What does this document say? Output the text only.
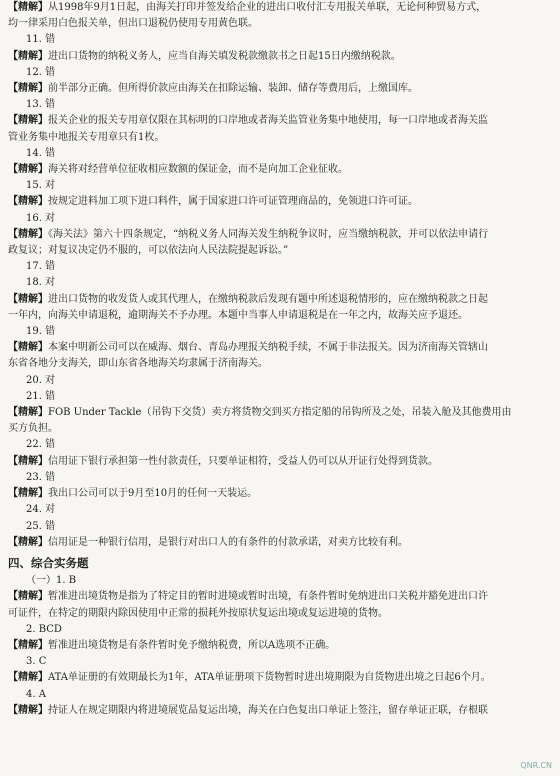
【精解】从1998年9月1日起，由海关打印并签发给企业的进出口收付汇专用报关单联，无论何种贸易方式，
均一律采用白色报关单，但出口退税仍使用专用黄色联。
11. 错
【精解】进出口货物的纳税义务人，应当自海关填发税款缴款书之日起15日内缴纳税款。
12. 错
【精解】前半部分正确。但所得价款应由海关在扣除运输、装卸、储存等费用后，上缴国库。
13. 错
【精解】报关企业的报关专用章仅限在其标明的口岸地或者海关监管业务集中地使用，每一口岸地或者海关监
管业务集中地报关专用章只有1枚。
14. 错
【精解】海关将对经营单位征收相应数额的保证金，而不是向加工企业征收。
15. 对
【精解】按规定进料加工项下进口料件，属于国家进口许可证管理商品的，免领进口许可证。
16. 对
【精解】《海关法》第六十四条规定，“纳税义务人同海关发生纳税争议时，应当缴纳税款，并可以依法申请行
政复议；对复议决定仍不服的，可以依法向人民法院提起诉讼。”
17. 错
18. 对
【精解】进出口货物的收发货人或其代理人，在缴纳税款后发现有题中所述退税情形的，应在缴纳税款之日起
一年内，向海关申请退税，逾期海关不予办理。本题中当事人申请退税是在一年之内，故海关应予退还。
19. 错
【精解】本案中明新公司可以在威海、烟台、青岛办理报关纳税手续，不属于非法报关。因为济南海关管辖山
东省各地分支海关，即山东省各地海关均隶属于济南海关。
20. 对
21. 错
【精解】FOB Under Tackle（吊钩下交货）卖方将货物交到买方指定船的吊钩所及之处，吊装入舱及其他费用由
买方负担。
22. 错
【精解】信用证下银行承担第一性付款责任，只要单证相符，受益人仍可以从开证行处得到货款。
23. 错
【精解】我出口公司可以于9月至10月的任何一天装运。
24. 对
25. 错
【精解】信用证是一种银行信用，是银行对出口人的有条件的付款承诺，对卖方比较有利。
四、综合实务题
（一）1. B
【精解】暂准进出境货物是指为了特定目的暂时进境或暂时出境，有条件暂时免纳进出口关税并豁免进出口许
可证件，在特定的期限内除因使用中正常的损耗外按原状复运出境或复运进境的货物。
2. BCD
【精解】暂准进出境货物是有条件暂时免予缴纳税费，所以A选项不正确。
3. C
【精解】ATA单证册的有效期最长为1年，ATA单证册项下货物暂时进出境期限为自货物进出境之日起6个月。
4. A
【精解】持证人在规定期限内将进境展览品复运出境，海关在白色复出口单证上签注，留存单证正联，存根联
QNR.CN
